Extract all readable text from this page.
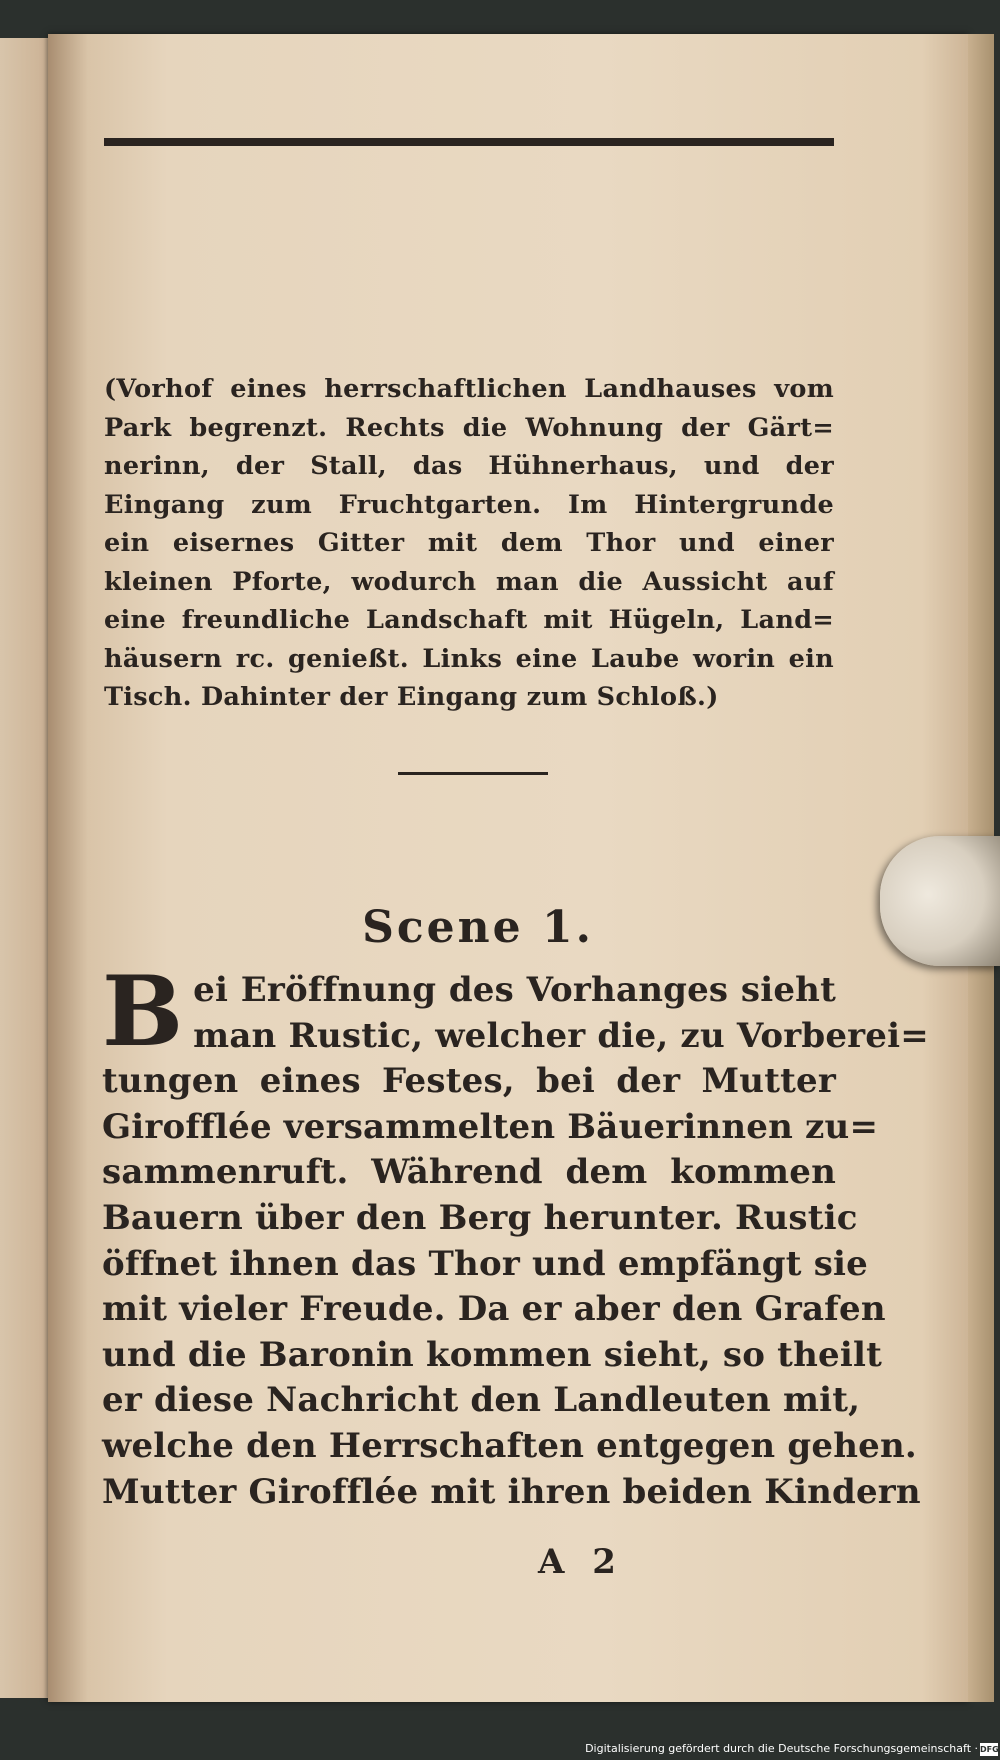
(Vorhof eines herrschaftlichen Landhauses vom
Park begrenzt. Rechts die Wohnung der Gärt=
nerinn, der Stall, das Hühnerhaus, und der
Eingang zum Fruchtgarten. Im Hintergrunde
ein eisernes Gitter mit dem Thor und einer
kleinen Pforte, wodurch man die Aussicht auf
eine freundliche Landschaft mit Hügeln, Land=
häusern rc. genießt. Links eine Laube worin ein
Tisch. Dahinter der Eingang zum Schloß.)
Scene 1.
B ei Eröffnung des Vorhanges sieht
man Rustic, welcher die, zu Vorberei=
tungen eines Festes, bei der Mutter
Girofflée versammelten Bäuerinnen zu=
sammenruft. Während dem kommen
Bauern über den Berg herunter. Rustic
öffnet ihnen das Thor und empfängt sie
mit vieler Freude. Da er aber den Grafen
und die Baronin kommen sieht, so theilt
er diese Nachricht den Landleuten mit,
welche den Herrschaften entgegen gehen.
Mutter Girofflée mit ihren beiden Kindern
A 2
Digitalisierung gefördert durch die Deutsche Forschungsgemeinschaft · DFG
